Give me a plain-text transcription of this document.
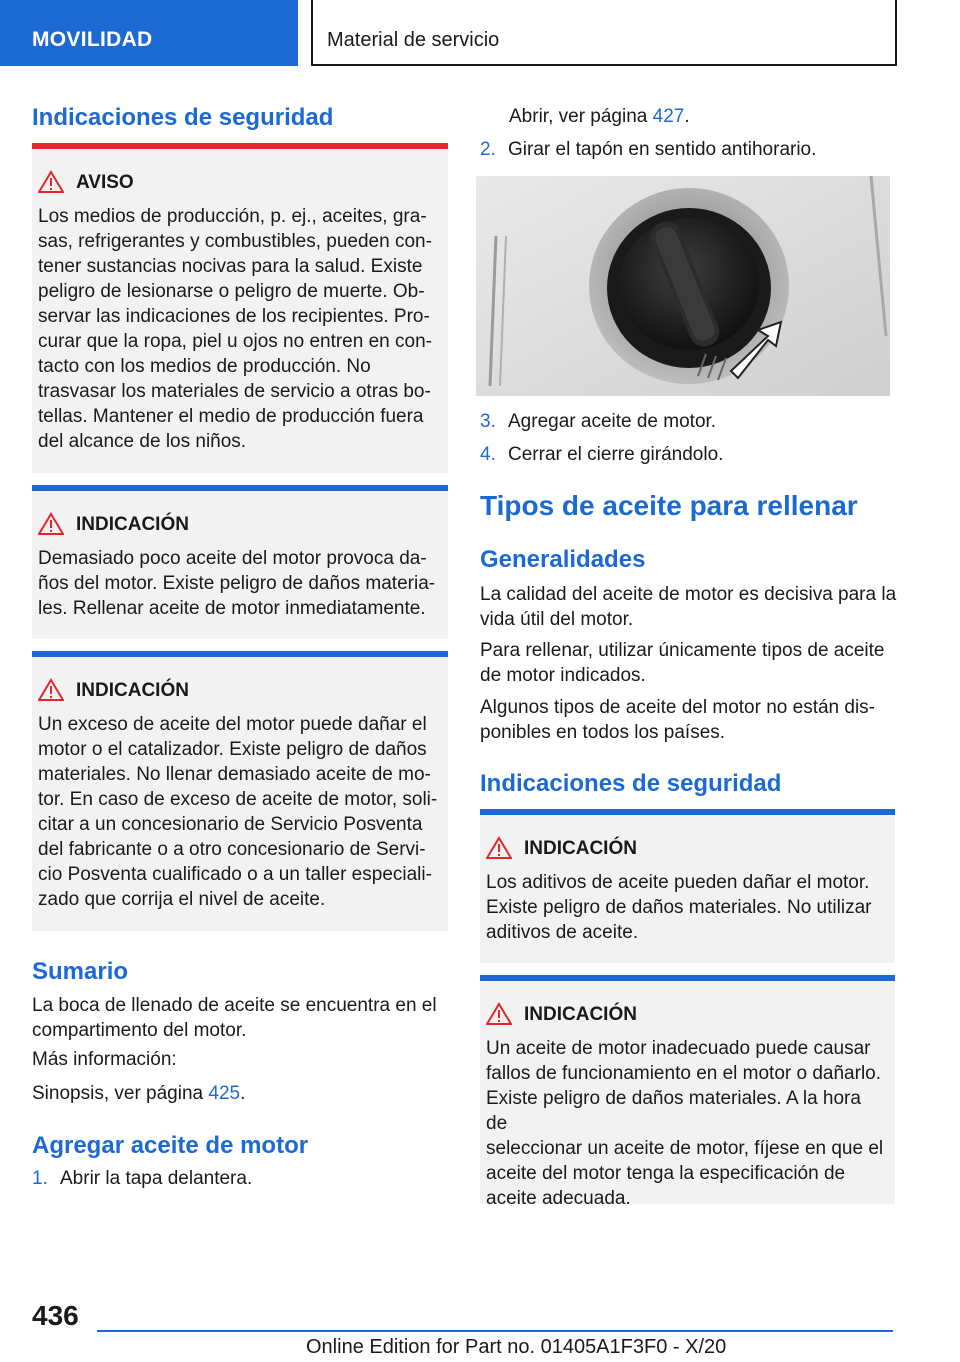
MOVILIDAD	Material de servicio
Indicaciones de seguridad
AVISO
Los medios de producción, p. ej., aceites, gra-
sas, refrigerantes y combustibles, pueden con-
tener sustancias nocivas para la salud. Existe
peligro de lesionarse o peligro de muerte. Ob-
servar las indicaciones de los recipientes. Pro-
curar que la ropa, piel u ojos no entren en con-
tacto con los medios de producción. No
trasvasar los materiales de servicio a otras bo-
tellas. Mantener el medio de producción fuera
del alcance de los niños.
INDICACIÓN
Demasiado poco aceite del motor provoca da-
ños del motor. Existe peligro de daños materia-
les. Rellenar aceite de motor inmediatamente.
INDICACIÓN
Un exceso de aceite del motor puede dañar el
motor o el catalizador. Existe peligro de daños
materiales. No llenar demasiado aceite de mo-
tor. En caso de exceso de aceite de motor, soli-
citar a un concesionario de Servicio Posventa
del fabricante o a otro concesionario de Servi-
cio Posventa cualificado o a un taller especiali-
zado que corrija el nivel de aceite.
Sumario
La boca de llenado de aceite se encuentra en el
compartimento del motor.
Más información:
Sinopsis, ver página 425.
Agregar aceite de motor
1. Abrir la tapa delantera.
Abrir, ver página 427.
2. Girar el tapón en sentido antihorario.
3. Agregar aceite de motor.
4. Cerrar el cierre girándolo.
Tipos de aceite para rellenar
Generalidades
La calidad del aceite de motor es decisiva para la
vida útil del motor.
Para rellenar, utilizar únicamente tipos de aceite
de motor indicados.
Algunos tipos de aceite del motor no están dis-
ponibles en todos los países.
Indicaciones de seguridad
INDICACIÓN
Los aditivos de aceite pueden dañar el motor.
Existe peligro de daños materiales. No utilizar
aditivos de aceite.
INDICACIÓN
Un aceite de motor inadecuado puede causar
fallos de funcionamiento en el motor o dañarlo.
Existe peligro de daños materiales. A la hora de
seleccionar un aceite de motor, fíjese en que el
aceite del motor tenga la especificación de
aceite adecuada.
436
Online Edition for Part no. 01405A1F3F0 - X/20
